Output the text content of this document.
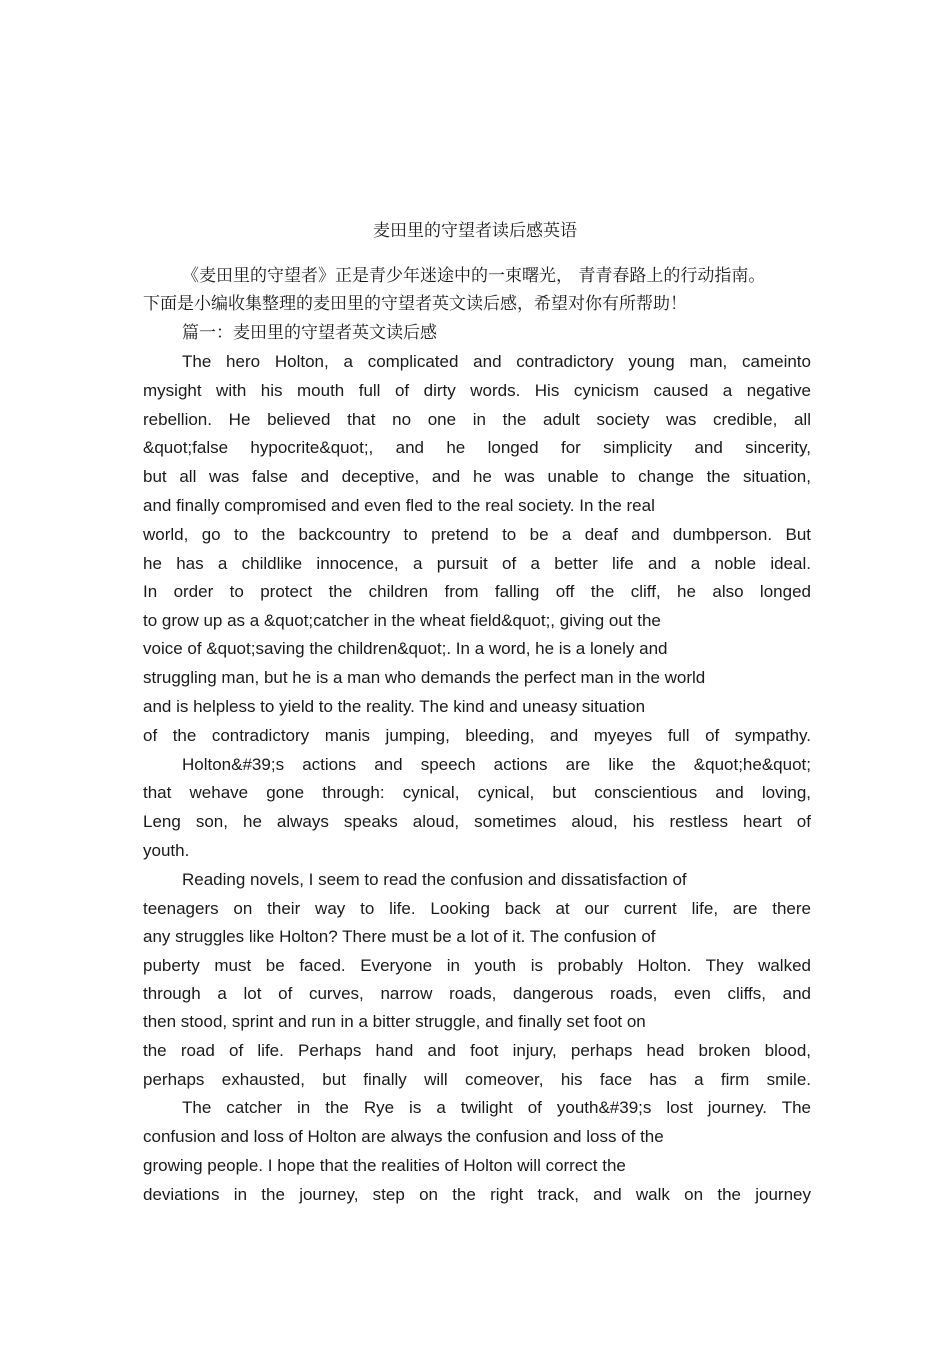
麦田里的守望者读后感英语
《麦田里的守望者》正是青少年迷途中的一束曙光， 青青春路上的行动指南。
下面是小编收集整理的麦田里的守望者英文读后感，希望对你有所帮助！
篇一：麦田里的守望者英文读后感
The hero Holton, a complicated and contradictory young man, cameinto
mysight with his mouth full of dirty words. His cynicism caused a negative
rebellion. He believed that no one in the adult society was credible, all
&quot;false hypocrite&quot;, and he longed for simplicity and sincerity,
but all was false and deceptive, and he was unable to change the situation,
and finally compromised and even fled to the real society. In the real
world, go to the backcountry to pretend to be a deaf and dumbperson. But
he has a childlike innocence, a pursuit of a better life and a noble ideal.
In order to protect the children from falling off the cliff, he also longed
to grow up as a &quot;catcher in the wheat field&quot;, giving out the
voice of &quot;saving the children&quot;. In a word, he is a lonely and
struggling man, but he is a man who demands the perfect man in the world
and is helpless to yield to the reality. The kind and uneasy situation
of the contradictory manis jumping, bleeding, and myeyes full of sympathy.
Holton&#39;s actions and speech actions are like the &quot;he&quot;
that wehave gone through: cynical, cynical, but conscientious and loving,
Leng son, he always speaks aloud, sometimes aloud, his restless heart of
youth.
Reading novels, I seem to read the confusion and dissatisfaction of
teenagers on their way to life. Looking back at our current life, are there
any struggles like Holton? There must be a lot of it. The confusion of
puberty must be faced. Everyone in youth is probably Holton. They walked
through a lot of curves, narrow roads, dangerous roads, even cliffs, and
then stood, sprint and run in a bitter struggle, and finally set foot on
the road of life. Perhaps hand and foot injury, perhaps head broken blood,
perhaps exhausted, but finally will comeover, his face has a firm smile.
The catcher in the Rye is a twilight of youth&#39;s lost journey. The
confusion and loss of Holton are always the confusion and loss of the
growing people. I hope that the realities of Holton will correct the
deviations in the journey, step on the right track, and walk on the journey
